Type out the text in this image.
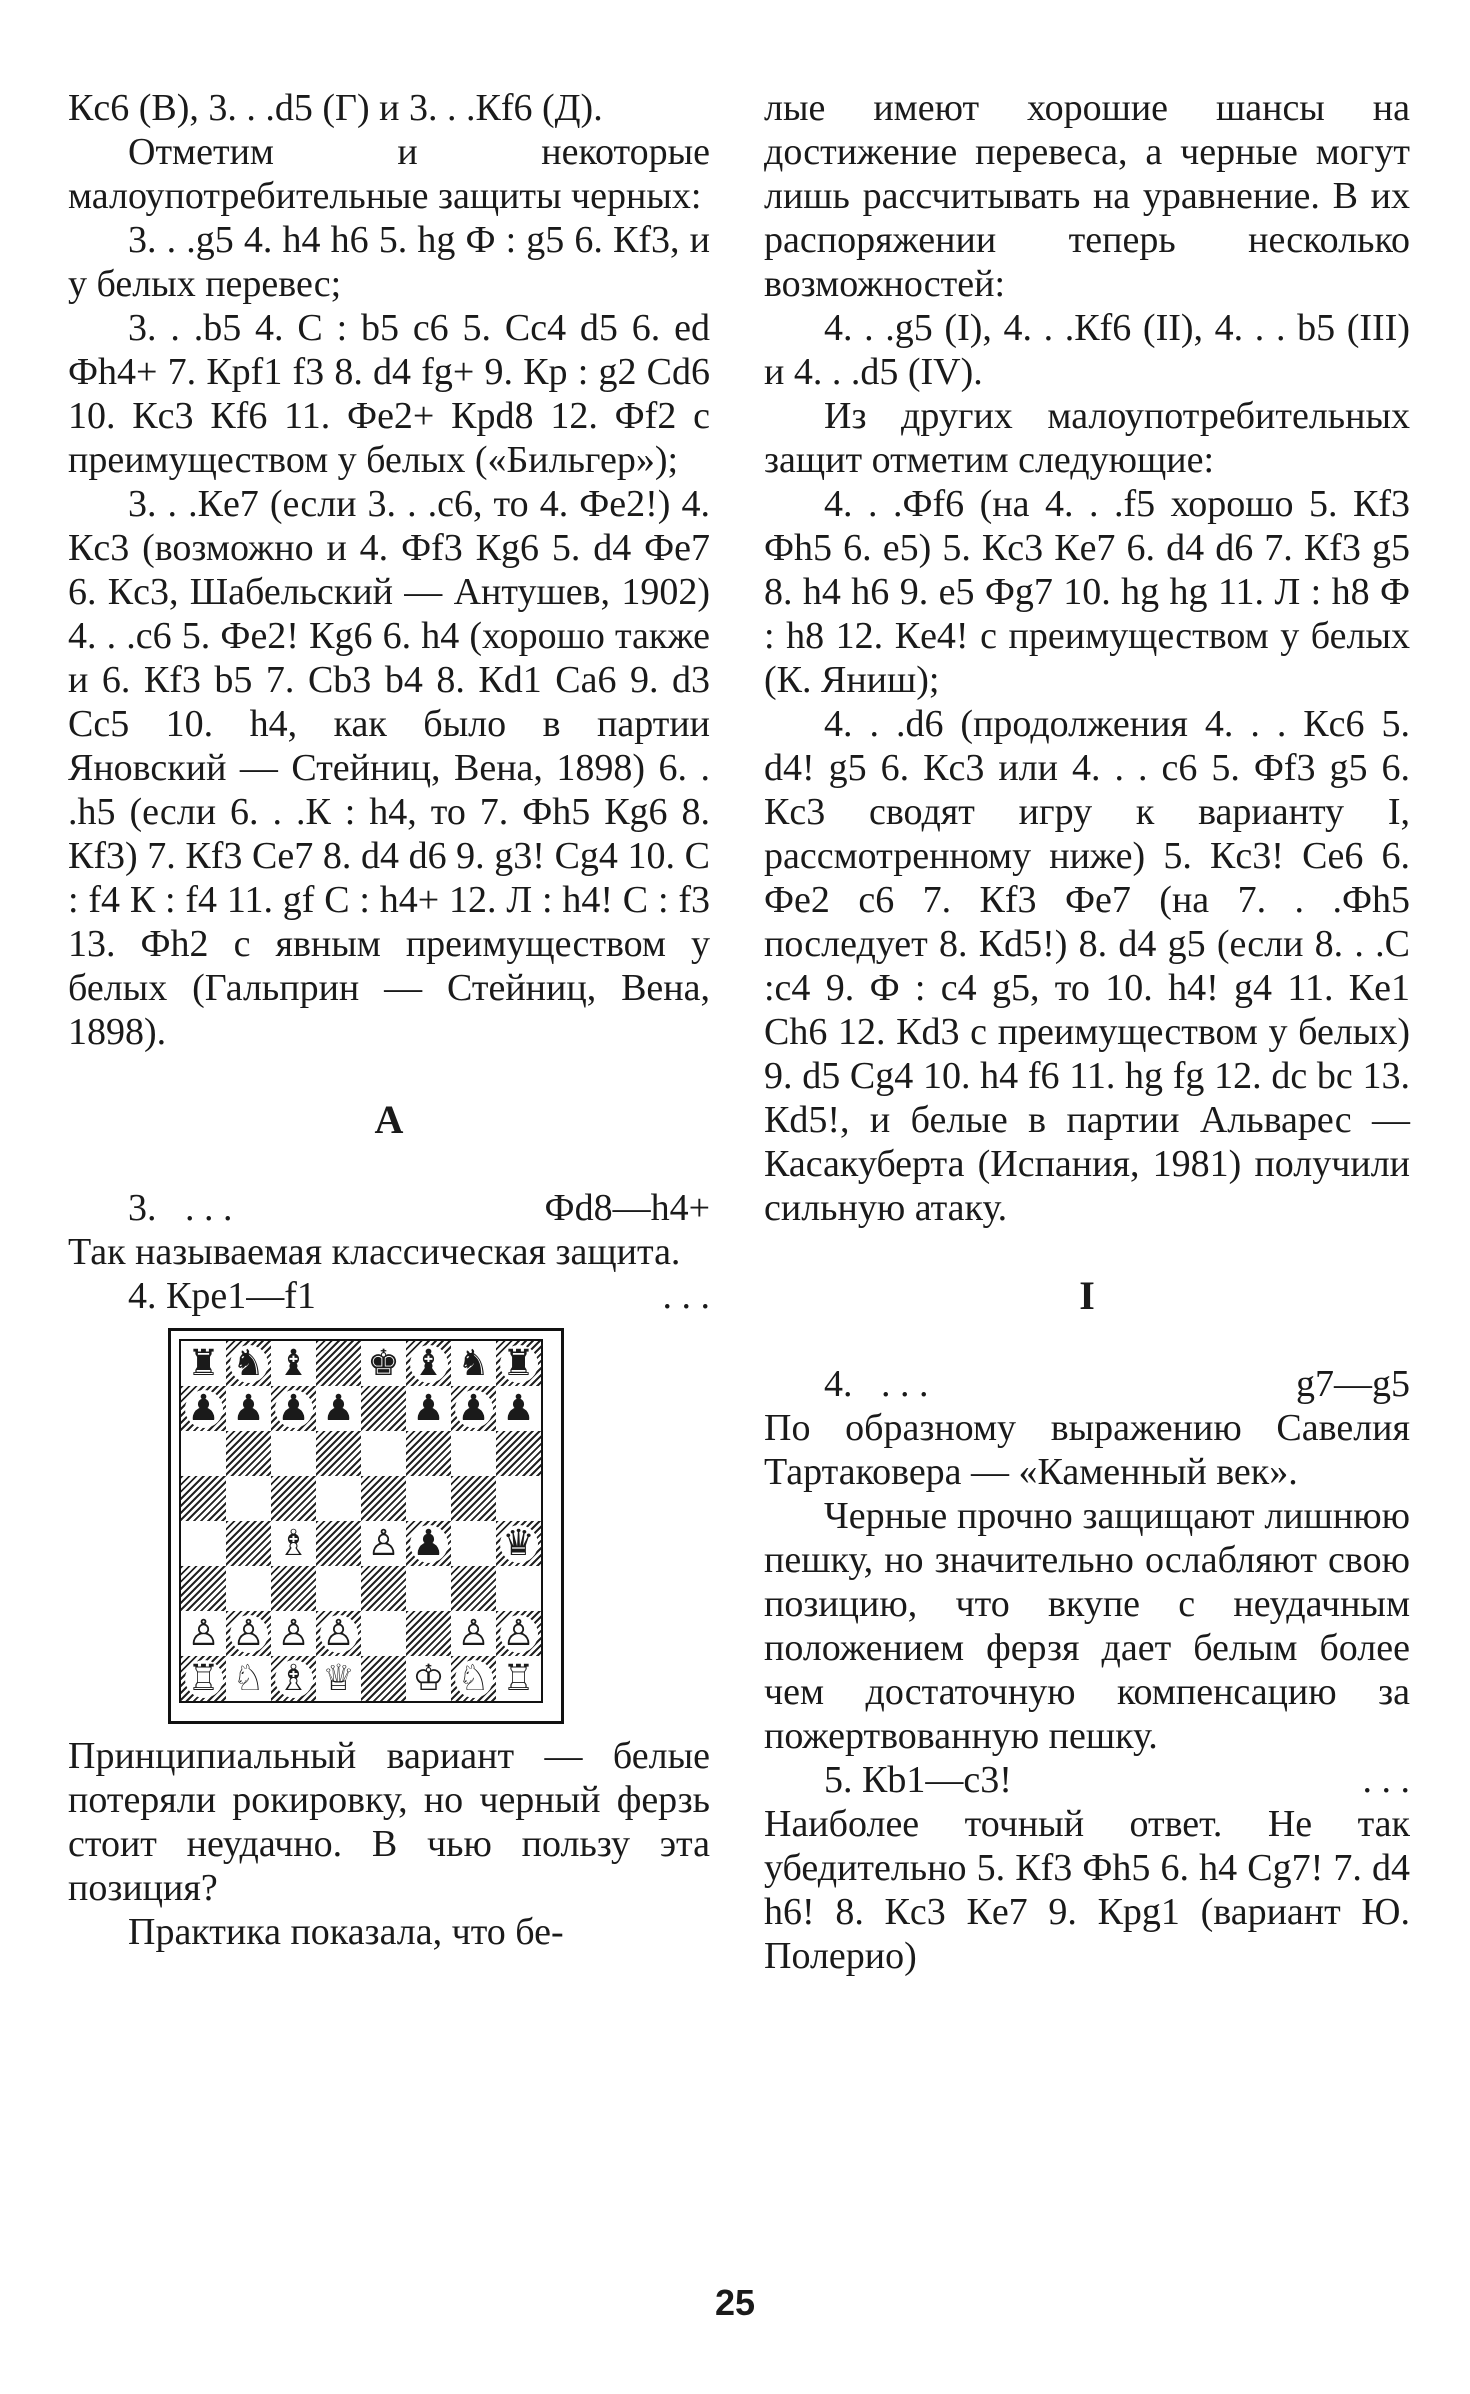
Кc6 (В), 3. . .d5 (Г) и 3. . .Кf6 (Д).

Отметим и некоторые малоупотребительные защиты черных:

3. . .g5 4. h4 h6 5. hg Ф : g5 6. Кf3, и у белых перевес;

3. . .b5 4. С : b5 c6 5. Сc4 d5 6. ed Фh4+ 7. Крf1 f3 8. d4 fg+ 9. Кр : g2 Сd6 10. Кc3 Кf6 11. Фe2+ Крd8 12. Фf2 с преимуществом у белых («Бильгер»);

3. . .Кe7 (если 3. . .c6, то 4. Фe2!) 4. Кc3 (возможно и 4. Фf3 Кg6 5. d4 Фe7 6. Кc3, Шабельский — Антушев, 1902) 4. . .c6 5. Фe2! Кg6 6. h4 (хорошо также и 6. Кf3 b5 7. Сb3 b4 8. Кd1 Сa6 9. d3 Сc5 10. h4, как было в партии Яновский — Стейниц, Вена, 1898) 6. . .h5 (если 6. . .К : h4, то 7. Фh5 Кg6 8. Кf3) 7. Кf3 Сe7 8. d4 d6 9. g3! Сg4 10. С : f4 К : f4 11. gf С : h4+ 12. Л : h4! С : f3 13. Фh2 с явным преимуществом у белых (Гальприн — Стейниц, Вена, 1898).

А

3.   . . .	Фd8—h4+

Так называемая классическая защита.

4. Крe1—f1	. . .
♜ ♞ ♝ ♚ ♝ ♞ ♜
♟ ♟ ♟ ♟ ♟ ♟ ♟
♗ ♙ ♟ ♛
♙ ♙ ♙ ♙	♙ ♙
♖ ♘ ♗ ♕ ♔ ♘ ♖

Принципиальный вариант — белые потеряли рокировку, но черный ферзь стоит неудачно. В чью пользу эта позиция?

Практика показала, что бе-

лые имеют хорошие шансы на достижение перевеса, а черные могут лишь рассчитывать на уравнение. В их распоряжении теперь несколько возможностей:

4. . .g5 (I), 4. . .Кf6 (II), 4. . . b5 (III) и 4. . .d5 (IV).

Из других малоупотребительных защит отметим следующие:

4. . .Фf6 (на 4. . .f5 хорошо 5. Кf3 Фh5 6. e5) 5. Кc3 Кe7 6. d4 d6 7. Кf3 g5 8. h4 h6 9. e5 Фg7 10. hg hg 11. Л : h8 Ф : h8 12. Кe4! с преимуществом у белых (К. Яниш);

4. . .d6 (продолжения 4. . . Кc6 5. d4! g5 6. Кc3 или 4. . . c6 5. Фf3 g5 6. Кc3 сводят игру к варианту I, рассмотренному ниже) 5. Кc3! Сe6 6. Фe2 c6 7. Кf3 Фe7 (на 7. . .Фh5 последует 8. Кd5!) 8. d4 g5 (если 8. . .С :c4 9. Ф : c4 g5, то 10. h4! g4 11. Кe1 Сh6 12. Кd3 с преимуществом у белых) 9. d5 Сg4 10. h4 f6 11. hg fg 12. dc bc 13. Кd5!, и белые в партии Альварес — Касакуберта (Испания, 1981) получили сильную атаку.

I

4.   . . .	g7—g5

По образному выражению Савелия Тартаковера — «Каменный век».

Черные прочно защищают лишнюю пешку, но значительно ослабляют свою позицию, что вкупе с неудачным положением ферзя дает белым более чем достаточную компенсацию за пожертвованную пешку.

5. Кb1—c3!	. . .

Наиболее точный ответ. Не так убедительно 5. Кf3 Фh5 6. h4 Сg7! 7. d4 h6! 8. Кc3 Кe7 9. Крg1 (вариант Ю. Полерио)

25
